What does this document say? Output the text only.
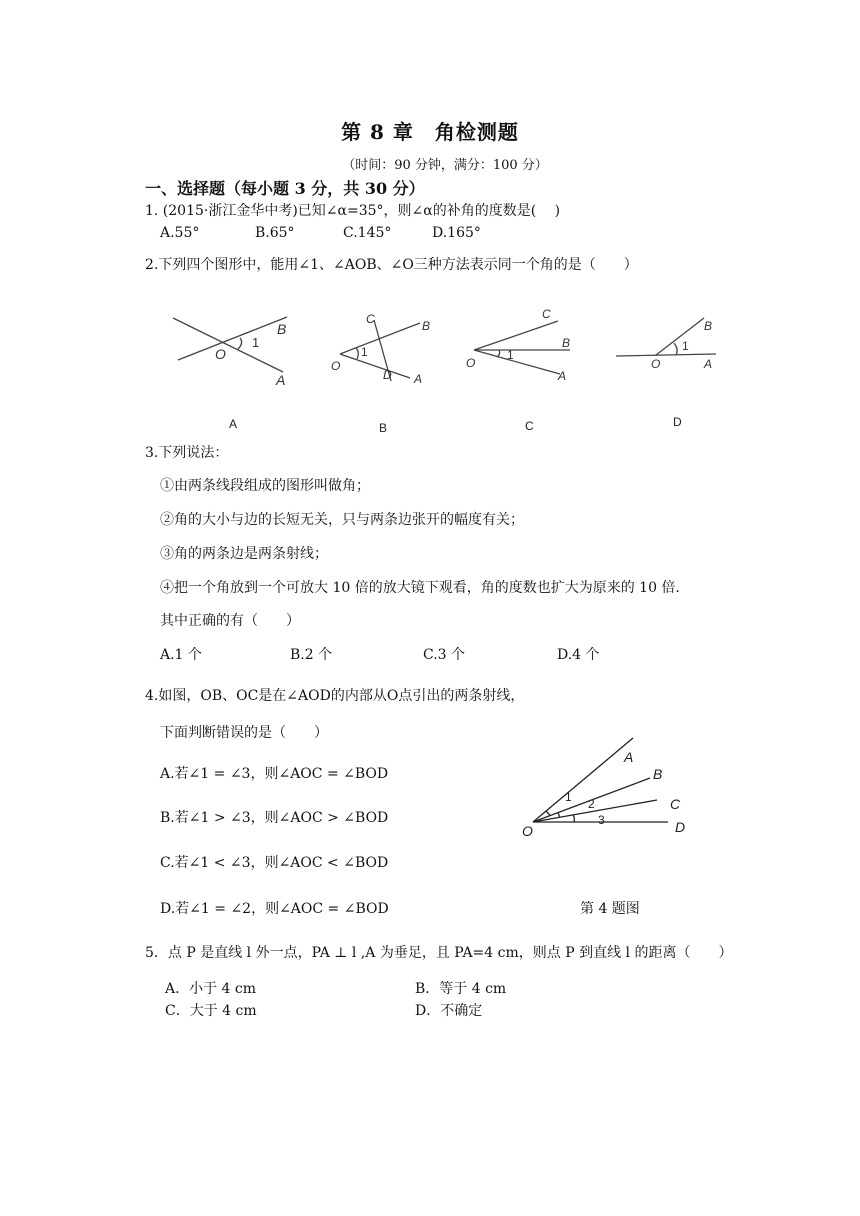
第 8 章　角检测题
（时间：90 分钟，满分：100 分）
一、选择题（每小题 3 分，共 30 分）
1. (2015·浙江金华中考)已知∠α=35°，则∠α的补角的度数是(　 )
A.55°	B.65°	C.145°	D.165°
2.下列四个图形中，能用∠1、∠AOB、∠O三种方法表示同一个角的是（　　）
O
1
B
A
C	B
1
O
D A
C
B
1
O
A
B
1
O	A
A	B	C	D
3.下列说法：
①由两条线段组成的图形叫做角；
②角的大小与边的长短无关，只与两条边张开的幅度有关；
③角的两条边是两条射线；
④把一个角放到一个可放大 10 倍的放大镜下观看，角的度数也扩大为原来的 10 倍.
其中正确的有（　　）
A.1 个	B.2 个	C.3 个	D.4 个
4.如图，OB、OC是在∠AOD的内部从O点引出的两条射线，
下面判断错误的是（　　）
A.若∠1 = ∠3，则∠AOC = ∠BOD
B.若∠1 > ∠3，则∠AOC > ∠BOD
C.若∠1 < ∠3，则∠AOC < ∠BOD
D.若∠1 = ∠2，则∠AOC = ∠BOD
A
B
C
D
O
1 2
3
第 4 题图
5．点 P 是直线 l 外一点，PA ⊥ l ,A 为垂足，且 PA=4 cm，则点 P 到直线 l 的距离（　　）
A．小于 4 cm	B．等于 4 cm
C．大于 4 cm	D．不确定
